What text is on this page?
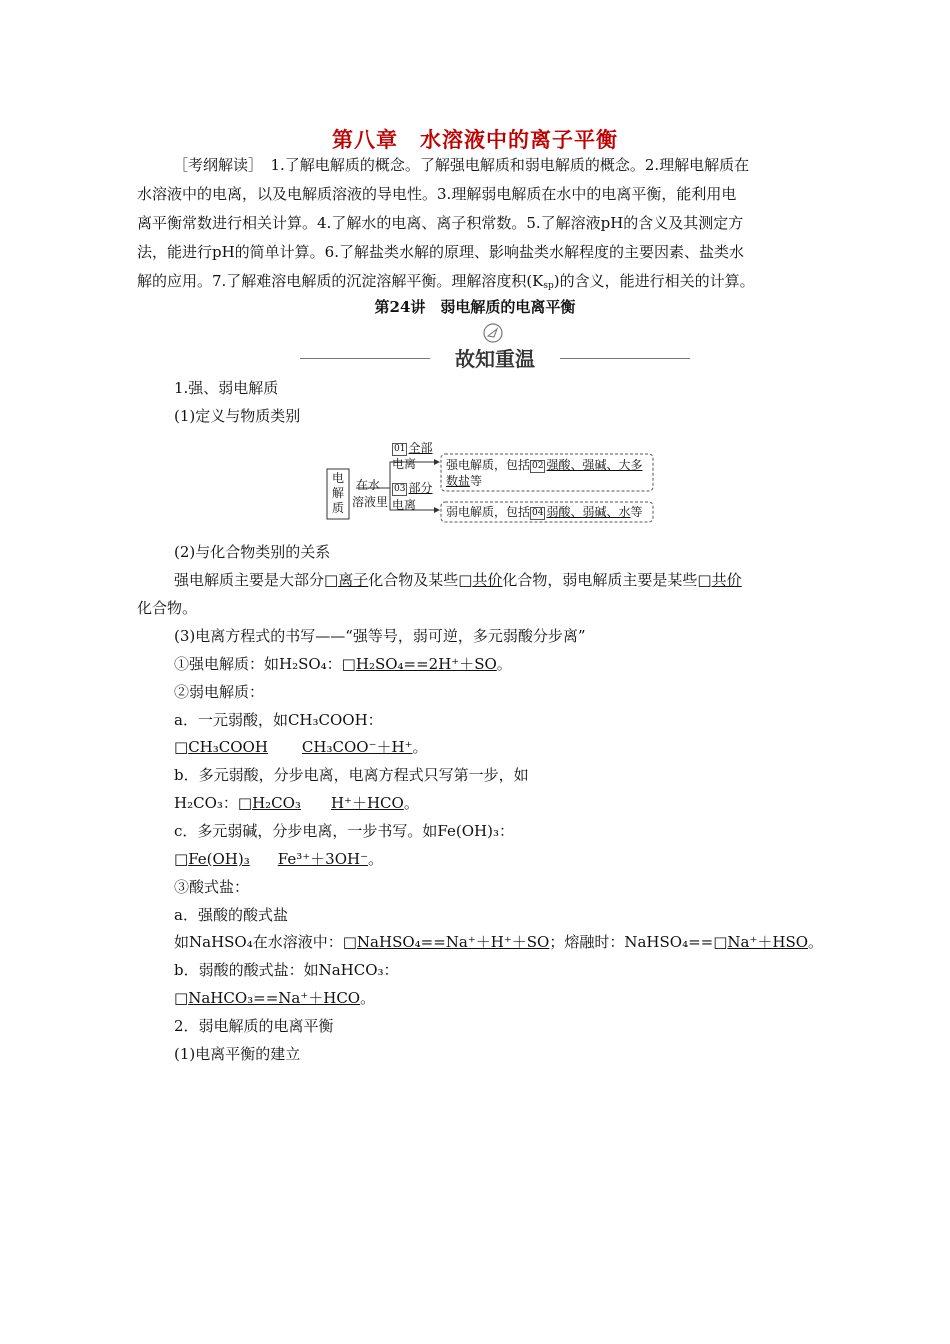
第八章　水溶液中的离子平衡
［考纲解读］　1.了解电解质的概念。了解强电解质和弱电解质的概念。2.理解电解质在
水溶液中的电离，以及电解质溶液的导电性。3.理解弱电解质在水中的电离平衡，能利用电
离平衡常数进行相关计算。4.了解水的电离、离子积常数。5.了解溶液pH的含义及其测定方
法，能进行pH的简单计算。6.了解盐类水解的原理、影响盐类水解程度的主要因素、盐类水
解的应用。7.了解难溶电解质的沉淀溶解平衡。理解溶度积$(K_{sp})$的含义，能进行相关的计算。
第24讲　弱电解质的电离平衡
故知重温
1.强、弱电解质
(1)定义与物质类别
电
解
质
在水
溶液里
01 全部
电离
03 部分
电离
强电解质，包括 02 强酸、强碱、大多
数盐等
弱电解质，包括 04 弱酸、弱碱、水等
(2)与化合物类别的关系
强电解质主要是大部分□离子化合物及某些□共价化合物，弱电解质主要是某些□共价
化合物。
(3)电离方程式的书写——“强等号，弱可逆，多元弱酸分步离”
①强电解质：如H₂SO₄：□H₂SO₄==2H⁺＋SO。
②弱电解质：
a．一元弱酸，如CH₃COOH：
□CH₃COOH CH₃COO⁻＋H⁺。
b．多元弱酸，分步电离，电离方程式只写第一步，如
H₂CO₃：□H₂CO₃ H⁺＋HCO。
c．多元弱碱，分步电离，一步书写。如Fe(OH)₃：
□Fe(OH)₃ Fe³⁺＋3OH⁻。
③酸式盐：
a．强酸的酸式盐
如NaHSO₄在水溶液中：□NaHSO₄==Na⁺＋H⁺＋SO；熔融时：NaHSO₄==□Na⁺＋HSO。
b．弱酸的酸式盐：如NaHCO₃：
□NaHCO₃==Na⁺＋HCO。
2．弱电解质的电离平衡
(1)电离平衡的建立
